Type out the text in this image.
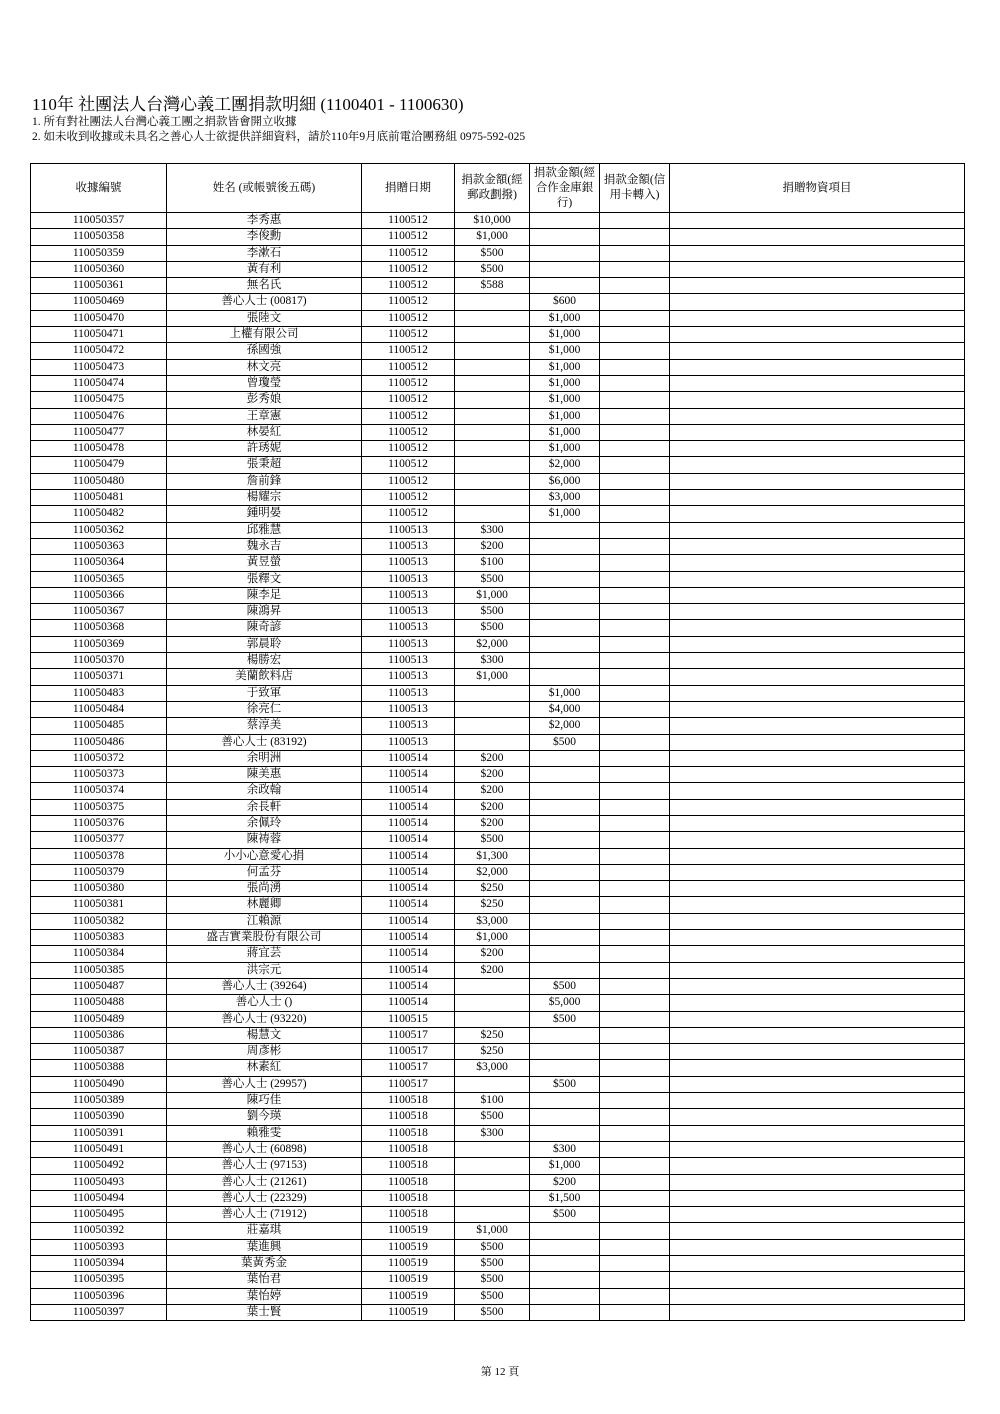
110年 社團法人台灣心義工團捐款明細 (1100401 - 1100630)
1. 所有對社團法人台灣心義工團之捐款皆會開立收據
2. 如未收到收據或未具名之善心人士欲提供詳細資料，請於110年9月底前電洽團務組 0975-592-025
收據編號	姓名 (或帳號後五碼)	捐贈日期	捐款金額(經郵政劃撥)	捐款金額(經合作金庫銀行)	捐款金額(信用卡轉入)	捐贈物資項目
110050357	李秀惠	1100512	$10,000			
110050358	李俊勳	1100512	$1,000			
110050359	李漱石	1100512	$500			
110050360	黃有利	1100512	$500			
110050361	無名氏	1100512	$588			
110050469	善心人士 (00817)	1100512		$600		
110050470	張陸文	1100512		$1,000		
110050471	上權有限公司	1100512		$1,000		
110050472	孫國強	1100512		$1,000		
110050473	林文亮	1100512		$1,000		
110050474	曾瓊瑩	1100512		$1,000		
110050475	彭秀娘	1100512		$1,000		
110050476	王章憲	1100512		$1,000		
110050477	林晏紅	1100512		$1,000		
110050478	許琇妮	1100512		$1,000		
110050479	張秉超	1100512		$2,000		
110050480	詹前鋒	1100512		$6,000		
110050481	楊耀宗	1100512		$3,000		
110050482	鍾明晏	1100512		$1,000		
110050362	邱雅慧	1100513	$300			
110050363	魏永吉	1100513	$200			
110050364	黃昱螢	1100513	$100			
110050365	張釋文	1100513	$500			
110050366	陳李足	1100513	$1,000			
110050367	陳鴻昇	1100513	$500			
110050368	陳奇諺	1100513	$500			
110050369	郭晨聆	1100513	$2,000			
110050370	楊勝宏	1100513	$300			
110050371	美蘭飲料店	1100513	$1,000			
110050483	于致軍	1100513		$1,000		
110050484	徐亮仁	1100513		$4,000		
110050485	蔡淳美	1100513		$2,000		
110050486	善心人士 (83192)	1100513		$500		
110050372	余明洲	1100514	$200			
110050373	陳美惠	1100514	$200			
110050374	余政翰	1100514	$200			
110050375	余長軒	1100514	$200			
110050376	余佩玲	1100514	$200			
110050377	陳祷蓉	1100514	$500			
110050378	小小心意愛心捐	1100514	$1,300			
110050379	何孟芬	1100514	$2,000			
110050380	張尚湧	1100514	$250			
110050381	林麗卿	1100514	$250			
110050382	江賴源	1100514	$3,000			
110050383	盛吉實業股份有限公司	1100514	$1,000			
110050384	蔣宜芸	1100514	$200			
110050385	洪宗元	1100514	$200			
110050487	善心人士 (39264)	1100514		$500		
110050488	善心人士 ()	1100514		$5,000		
110050489	善心人士 (93220)	1100515		$500		
110050386	楊慧文	1100517	$250			
110050387	周彥彬	1100517	$250			
110050388	林素紅	1100517	$3,000			
110050490	善心人士 (29957)	1100517		$500		
110050389	陳巧佳	1100518	$100			
110050390	劉今瑛	1100518	$500			
110050391	賴雅雯	1100518	$300			
110050491	善心人士 (60898)	1100518		$300		
110050492	善心人士 (97153)	1100518		$1,000		
110050493	善心人士 (21261)	1100518		$200		
110050494	善心人士 (22329)	1100518		$1,500		
110050495	善心人士 (71912)	1100518		$500		
110050392	莊嘉琪	1100519	$1,000			
110050393	葉進興	1100519	$500			
110050394	葉黃秀金	1100519	$500			
110050395	葉怡君	1100519	$500			
110050396	葉怡婷	1100519	$500			
110050397	葉士賢	1100519	$500			
第 12 頁
